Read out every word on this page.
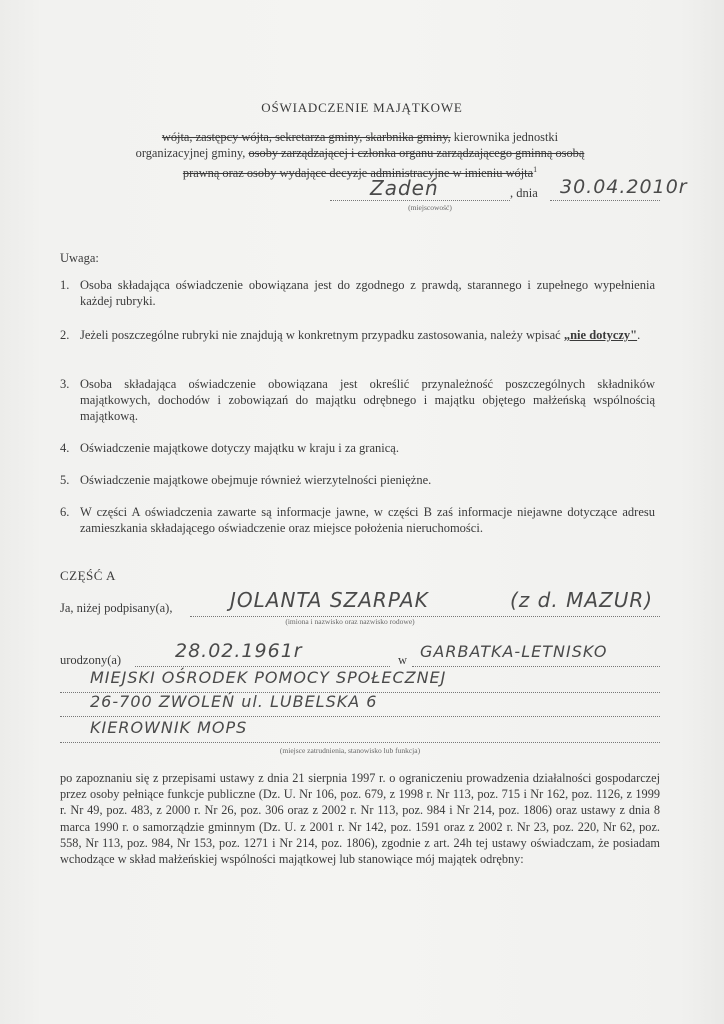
OŚWIADCZENIE MAJĄTKOWE
wójta, zastępcy wójta, sekretarza gminy, skarbnika gminy, kierownika jednostki
organizacyjnej gminy, osoby zarządzającej i członka organu zarządzającego gminną osobą
prawną oraz osoby wydające decyzje administracyjne w imieniu wójta$^1$
Zadeń
(miejscowość)
, dnia 30.04.2010r
Uwaga:
1. Osoba składająca oświadczenie obowiązana jest do zgodnego z prawdą, starannego i zupełnego wypełnienia każdej rubryki.
2. Jeżeli poszczególne rubryki nie znajdują w konkretnym przypadku zastosowania, należy wpisać „nie dotyczy".
3. Osoba składająca oświadczenie obowiązana jest określić przynależność poszczególnych składników majątkowych, dochodów i zobowiązań do majątku odrębnego i majątku objętego małżeńską wspólnością majątkową.
4. Oświadczenie majątkowe dotyczy majątku w kraju i za granicą.
5. Oświadczenie majątkowe obejmuje również wierzytelności pieniężne.
6. W części A oświadczenia zawarte są informacje jawne, w części B zaś informacje niejawne dotyczące adresu zamieszkania składającego oświadczenie oraz miejsce położenia nieruchomości.
CZĘŚĆ A
Ja, niżej podpisany(a),	JOLANTA SZARPAK	(z d. MAZUR)
(imiona i nazwisko oraz nazwisko rodowe)
urodzony(a)	28.02.1961r	w GARBATKA-LETNISKO
MIEJSKI OŚRODEK POMOCY SPOŁECZNEJ
26-700 ZWOLEŃ ul. LUBELSKA 6
KIEROWNIK MOPS
(miejsce zatrudnienia, stanowisko lub funkcja)
po zapoznaniu się z przepisami ustawy z dnia 21 sierpnia 1997 r. o ograniczeniu prowadzenia działalności gospodarczej przez osoby pełniące funkcje publiczne (Dz. U. Nr 106, poz. 679, z 1998 r. Nr 113, poz. 715 i Nr 162, poz. 1126, z 1999 r. Nr 49, poz. 483, z 2000 r. Nr 26, poz. 306 oraz z 2002 r. Nr 113, poz. 984 i Nr 214, poz. 1806) oraz ustawy z dnia 8 marca 1990 r. o samorządzie gminnym (Dz. U. z 2001 r. Nr 142, poz. 1591 oraz z 2002 r. Nr 23, poz. 220, Nr 62, poz. 558, Nr 113, poz. 984, Nr 153, poz. 1271 i Nr 214, poz. 1806), zgodnie z art. 24h tej ustawy oświadczam, że posiadam wchodzące w skład małżeńskiej wspólności majątkowej lub stanowiące mój majątek odrębny:
